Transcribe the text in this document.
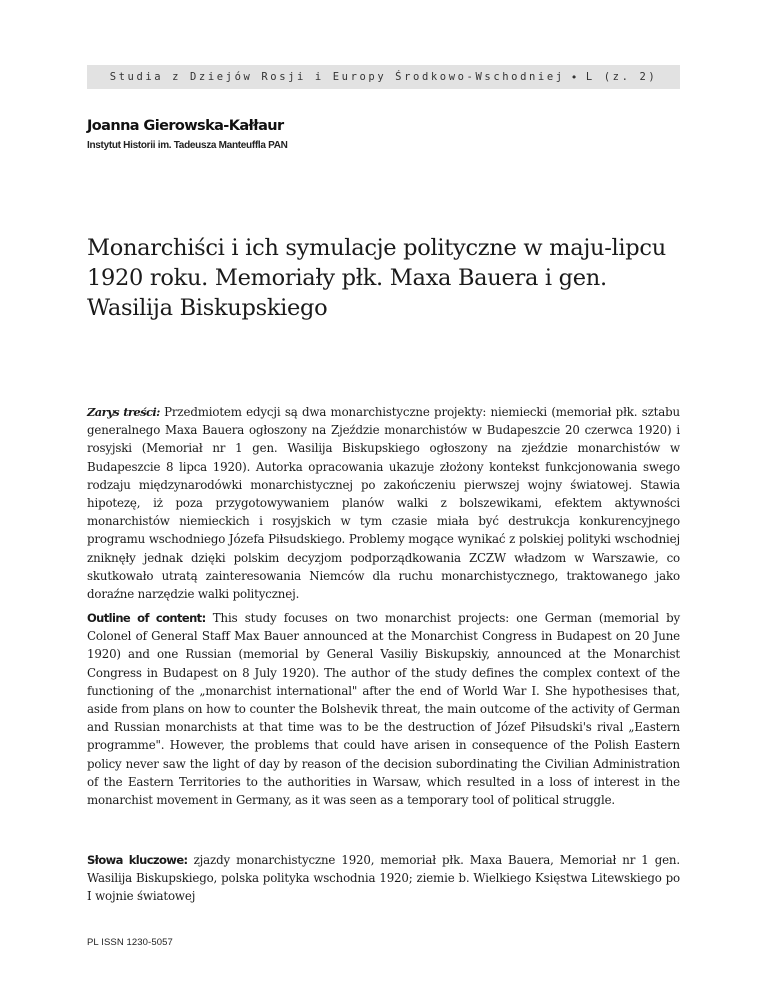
Studia z Dziejów Rosji i Europy Środkowo-Wschodniej • L (z. 2)
Joanna Gierowska-Kałłaur
Instytut Historii im. Tadeusza Manteuffla PAN
Monarchiści i ich symulacje polityczne w maju-lipcu 1920 roku. Memoriały płk. Maxa Bauera i gen. Wasilija Biskupskiego

Zarys treści: Przedmiotem edycji są dwa monarchistyczne projekty: niemiecki (memoriał płk. sztabu generalnego Maxa Bauera ogłoszony na Zjeździe monarchistów w Budapeszcie 20 czerwca 1920) i rosyjski (Memoriał nr 1 gen. Wasilija Biskupskiego ogłoszony na zjeździe monarchistów w Budapeszcie 8 lipca 1920). Autorka opracowania ukazuje złożony kontekst funkcjonowania swego rodzaju międzynarodówki monarchistycznej po zakończeniu pierwszej wojny światowej. Stawia hipotezę, iż poza przygotowywaniem planów walki z bolszewikami, efektem aktywności monarchistów niemieckich i rosyjskich w tym czasie miała być destrukcja konkurencyjnego programu wschodniego Józefa Piłsudskiego. Problemy mogące wynikać z polskiej polityki wschodniej zniknęły jednak dzięki polskim decyzjom podporządkowania ZCZW władzom w Warszawie, co skutkowało utratą zainteresowania Niemców dla ruchu monarchistycznego, traktowanego jako doraźne narzędzie walki politycznej.

Outline of content: This study focuses on two monarchist projects: one German (memorial by Colonel of General Staff Max Bauer announced at the Monarchist Congress in Budapest on 20 June 1920) and one Russian (memorial by General Vasiliy Biskupskiy, announced at the Monarchist Congress in Budapest on 8 July 1920). The author of the study defines the complex context of the functioning of the „monarchist international" after the end of World War I. She hypothesises that, aside from plans on how to counter the Bolshevik threat, the main outcome of the activity of German and Russian monarchists at that time was to be the destruction of Józef Piłsudski's rival „Eastern programme". However, the problems that could have arisen in consequence of the Polish Eastern policy never saw the light of day by reason of the decision subordinating the Civilian Administration of the Eastern Territories to the authorities in Warsaw, which resulted in a loss of interest in the monarchist movement in Germany, as it was seen as a temporary tool of political struggle.

Słowa kluczowe: zjazdy monarchistyczne 1920, memoriał płk. Maxa Bauera, Memoriał nr 1 gen. Wasilija Biskupskiego, polska polityka wschodnia 1920; ziemie b. Wielkiego Księstwa Litewskiego po I wojnie światowej

PL ISSN 1230-5057
